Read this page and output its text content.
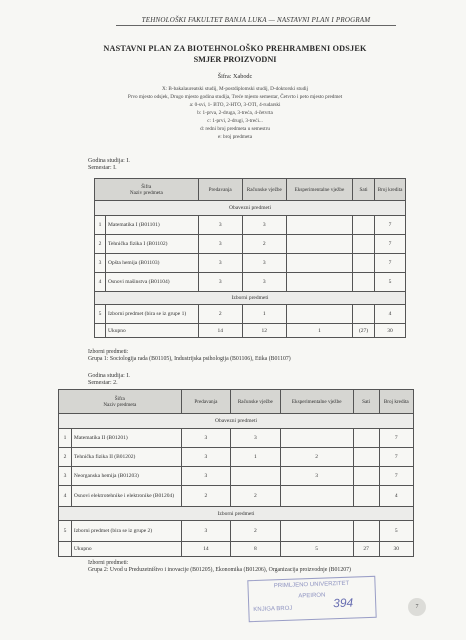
TEHNOLOŠKI FAKULTET BANJA LUKA — NASTAVNI PLAN I PROGRAM
NASTAVNI PLAN ZA BIOTEHNOLOŠKO PREHRAMBENI ODSJEK
SMJER PROIZVODNI
Šifra: Xabodc
X: B-bakalaureatski studij, M-postdiplomski studij, D-doktorski studij
Prvo mjesto odsjek, Drugo mjesto godina studija, Treće mjesto semestar, Četvrto i peto mjesto predmet
a: 0-svi, 1- BTO, 2-HTO, 3-OTI, 4-rudarski
b: 1-prva, 2-druga, 3-treća, 4-četvrta
c: 1-prvi, 2-drugi, 3-treći...
d: redni broj predmeta u semestru
e: broj predmeta
Godina studija: I.
Semestar: I.
Šifra
Naziv predmeta		Predavanja	Računske vježbe	Eksperimentalne vježbe	Sati	Broj kredita
Obavezni predmeti						
1	Matematika I (B01101)	3	3			7
2	Tehnička fizika I (B01102)	3	2			7
3	Opšta hemija (B01103)	3	3			7
4	Osnovi mašinstva (B01104)	3	3			5
Izborni predmeti						
5	Izborni predmet (bira se iz grupe 1)	2	1			4
	Ukupno	14	12	1	(27)	30
Izborni predmeti:
Grupa 1: Sociologija rada (B01105), Industrijska psihologija (B01106), Etika (B01107)
Godina studija: I.
Semestar: 2.
Šifra
Naziv predmeta		Predavanja	Računske vježbe	Eksperimentalne vježbe	Sati	Broj kredita
Obavezni predmeti						
1	Matematika II (B01201)	3	3			7
2	Tehnička fizika II (B01202)	3	1	2		7
3	Neorganska hemija (B01203)	3		3		7
4	Osnovi elektrotehnike i elektronike (B01204)	2	2			4
Izborni predmeti						
5	Izborni predmet (bira se iz grupe 2)	3	2			5
	Ukupno	14	8	5	27	30
Izborni predmeti:
Grupa 2: Uvod u Preduzetništvo i inovacije (B01205), Ekonomika (B01206), Organizacija proizvodnje (B01207)
PRIMLJENO UNIVERZITET
APEIRON
KNJIGA BROJ	394	7
